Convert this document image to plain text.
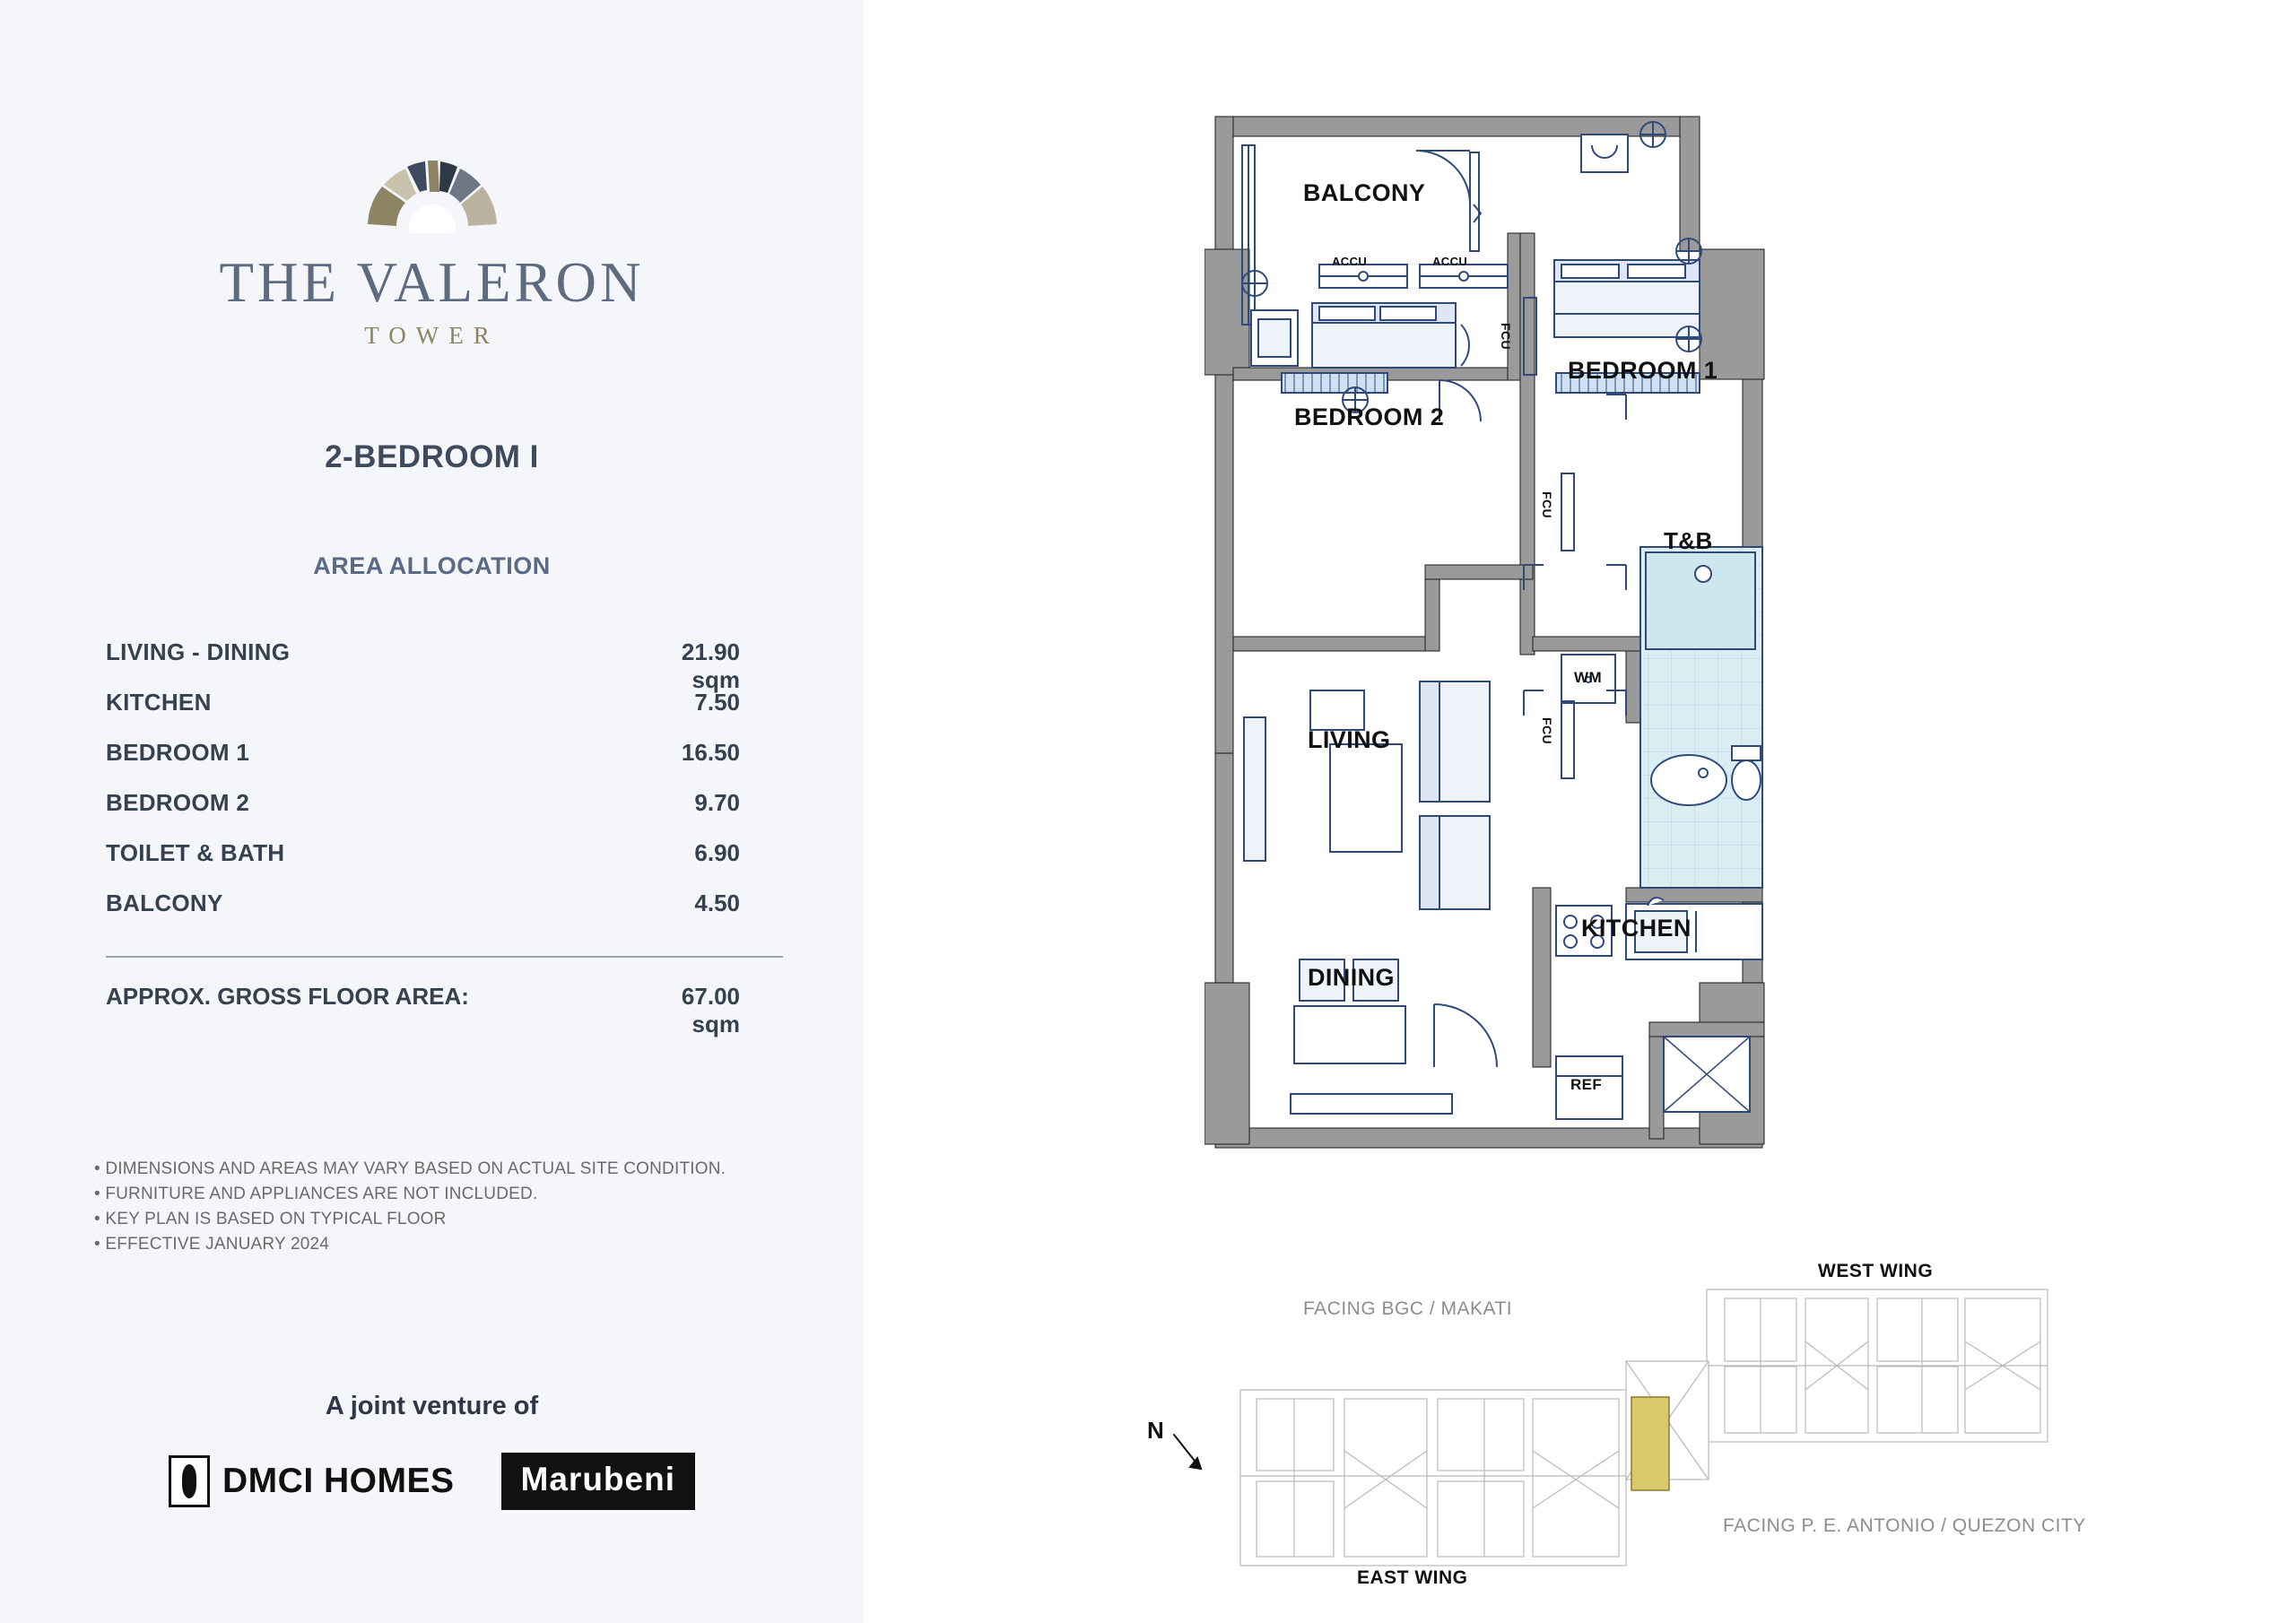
THE VALERON
TOWER
2-BEDROOM I
AREA ALLOCATION
LIVING - DINING	21.90 sqm
KITCHEN	7.50
BEDROOM 1	16.50
BEDROOM 2	9.70
TOILET & BATH	6.90
BALCONY	4.50
APPROX. GROSS FLOOR AREA:	67.00 sqm
• DIMENSIONS AND AREAS MAY VARY BASED ON ACTUAL SITE CONDITION.
• FURNITURE AND APPLIANCES ARE NOT INCLUDED.
• KEY PLAN IS BASED ON TYPICAL FLOOR
• EFFECTIVE JANUARY 2024
A joint venture of
DMCI HOMES	Marubeni
BALCONY
BEDROOM 1
BEDROOM 2
LIVING
DINING
KITCHEN
T&B
ACCU	ACCU
WM
REF
FCU
FCU
FCU
WEST WING
EAST WING
FACING BGC / MAKATI
FACING P. E. ANTONIO / QUEZON CITY
N
